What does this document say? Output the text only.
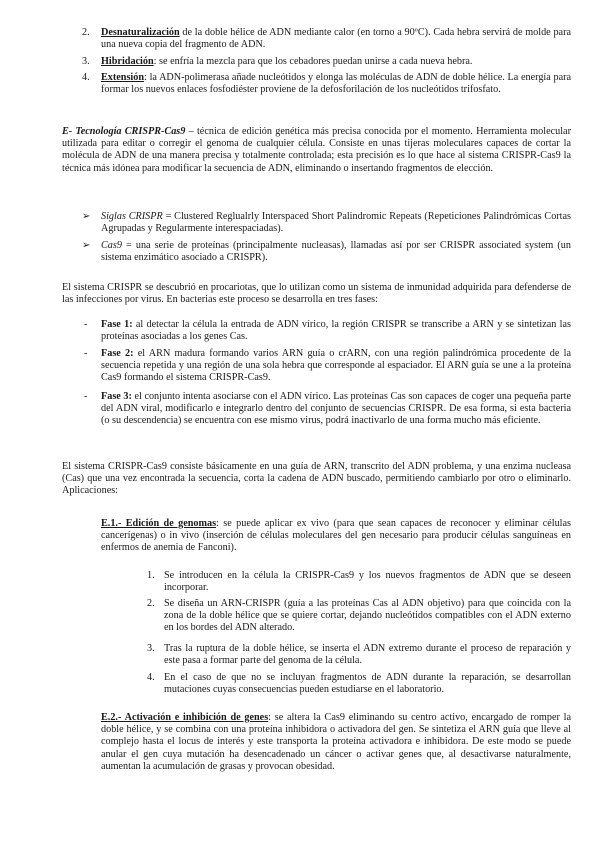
2. Desnaturalización de la doble hélice de ADN mediante calor (en torno a 90ºC). Cada hebra servirá de molde para una nueva copia del fragmento de ADN.
3. Hibridación: se enfría la mezcla para que los cebadores puedan unirse a cada nueva hebra.
4. Extensión: la ADN-polimerasa añade nucleótidos y elonga las moléculas de ADN de doble hélice. La energía para formar los nuevos enlaces fosfodiéster proviene de la defosforilación de los nucleótidos trifosfato.
E- Tecnología CRISPR-Cas9 – técnica de edición genética más precisa conocida por el momento. Herramienta molecular utilizada para editar o corregir el genoma de cualquier célula. Consiste en unas tijeras moleculares capaces de cortar la molécula de ADN de una manera precisa y totalmente controlada; esta precisión es lo que hace al sistema CRISPR-Cas9 la técnica más idónea para modificar la secuencia de ADN, eliminando o insertando fragmentos de elección.
➢ Siglas CRISPR = Clustered Reglualrly Interspaced Short Palindromic Repeats (Repeticiones Palindrómicas Cortas Agrupadas y Regularmente interespaciadas).
➢ Cas9 = una serie de proteínas (principalmente nucleasas), llamadas así por ser CRISPR associated system (un sistema enzimático asociado a CRISPR).
El sistema CRISPR se descubrió en procariotas, que lo utilizan como un sistema de inmunidad adquirida para defenderse de las infecciones por virus. En bacterias este proceso se desarrolla en tres fases:
- Fase 1: al detectar la célula la entrada de ADN vírico, la región CRISPR se transcribe a ARN y se sintetizan las proteínas asociadas a los genes Cas.
- Fase 2: el ARN madura formando varios ARN guía o crARN, con una región palindrómica procedente de la secuencia repetida y una región de una sola hebra que corresponde al espaciador. El ARN guía se une a la proteína Cas9 formando el sistema CRISPR-Cas9.
- Fase 3: el conjunto intenta asociarse con el ADN vírico. Las proteínas Cas son capaces de coger una pequeña parte del ADN viral, modificarlo e integrarlo dentro del conjunto de secuencias CRISPR. De esa forma, si esta bacteria (o su descendencia) se encuentra con ese mismo virus, podrá inactivarlo de una forma mucho más eficiente.
El sistema CRISPR-Cas9 consiste básicamente en una guía de ARN, transcrito del ADN problema, y una enzima nucleasa (Cas) que una vez encontrada la secuencia, corta la cadena de ADN buscado, permitiendo cambiarlo por otro o eliminarlo. Aplicaciones:
E.1.- Edición de genomas: se puede aplicar ex vivo (para que sean capaces de reconocer y eliminar células cancerígenas) o in vivo (inserción de células moleculares del gen necesario para producir células sanguíneas en enfermos de anemia de Fanconi).
1. Se introducen en la célula la CRISPR-Cas9 y los nuevos fragmentos de ADN que se deseen incorporar.
2. Se diseña un ARN-CRISPR (guía a las proteínas Cas al ADN objetivo) para que coincida con la zona de la doble hélice que se quiere cortar, dejando nucleótidos compatibles con el ADN externo en los bordes del ADN alterado.
3. Tras la ruptura de la doble hélice, se inserta el ADN extremo durante el proceso de reparación y este pasa a formar parte del genoma de la célula.
4. En el caso de que no se incluyan fragmentos de ADN durante la reparación, se desarrollan mutaciones cuyas consecuencias pueden estudiarse en el laboratorio.
E.2.- Activación e inhibición de genes: se altera la Cas9 eliminando su centro activo, encargado de romper la doble hélice, y se combina con una proteína inhibidora o activadora del gen. Se sintetiza el ARN guía que lleve al complejo hasta el locus de interés y este transporta la proteína activadora e inhibidora. De este modo se puede anular el gen cuya mutación ha desencadenado un cáncer o activar genes que, al desactivarse naturalmente, aumentan la acumulación de grasas y provocan obesidad.
